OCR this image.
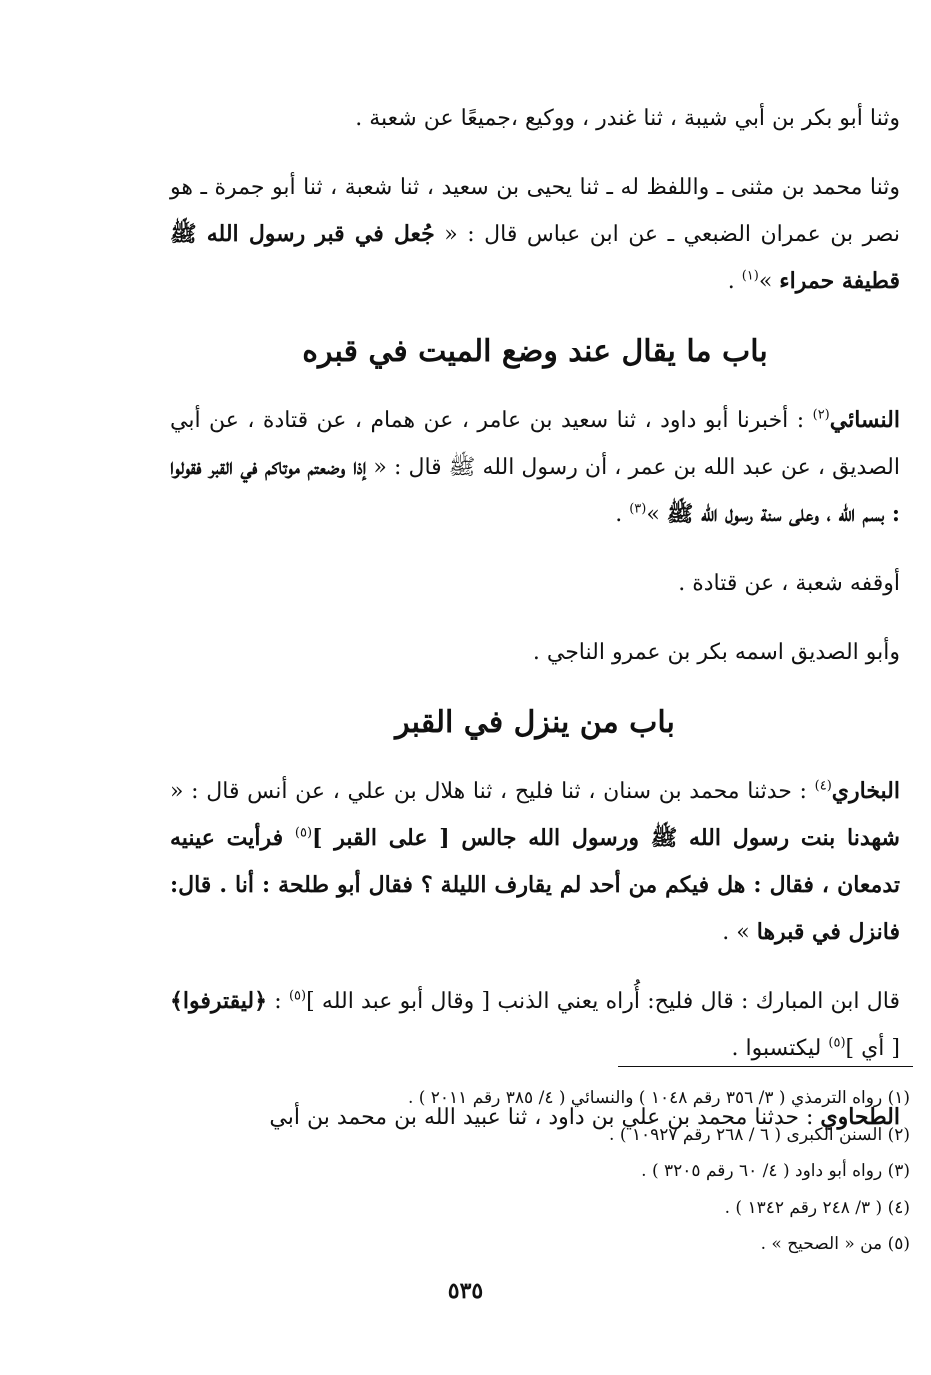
وثنا أبو بكر بن أبي شيبة ، ثنا غندر ، ووكيع ،جميعًا عن شعبة .

وثنا محمد بن مثنى ـ واللفظ له ـ ثنا يحيى بن سعيد ، ثنا شعبة ، ثنا أبو جمرة ـ هو نصر بن عمران الضبعي ـ عن ابن عباس قال : « جُعل في قبر رسول الله ﷺ قطيفة حمراء »$^{(١)}$ .

باب ما يقال عند وضع الميت في قبره

النسائي$^{(٢)}$ : أخبرنا أبو داود ، ثنا سعيد بن عامر ، عن همام ، عن قتادة ، عن أبي الصديق ، عن عبد الله بن عمر ، أن رسول الله ﷺ قال : « إذا وضعتم موتاكم في القبر فقولوا : بسم الله ، وعلى سنة رسول الله ﷺ »$^{(٣)}$ .

أوقفه شعبة ، عن قتادة .

وأبو الصديق اسمه بكر بن عمرو الناجي .

باب من ينزل في القبر

البخاري$^{(٤)}$ : حدثنا محمد بن سنان ، ثنا فليح ، ثنا هلال بن علي ، عن أنس قال : « شهدنا بنت رسول الله ﷺ ورسول الله جالس [ على القبر ]$^{(٥)}$ فرأيت عينيه تدمعان ، فقال : هل فيكم من أحد لم يقارف الليلة ؟ فقال أبو طلحة : أنا . قال: فانزل في قبرها » .

قال ابن المبارك : قال فليح: أُراه يعني الذنب [ وقال أبو عبد الله ]$^{(٥)}$ : ﴿ليقترفوا﴾ [ أي ]$^{(٥)}$ ليكتسبوا .

الطحاوي : حدثنا محمد بن علي بن داود ، ثنا عبيد الله بن محمد بن أبي

(١) رواه الترمذي ( ٣/ ٣٥٦ رقم ١٠٤٨ ) والنسائي ( ٤/ ٣٨٥ رقم ٢٠١١ ) .
(٢) السنن الكبرى ( ٦ / ٢٦٨ رقم ١٠٩٢٧ ) .
(٣) رواه أبو داود ( ٤/ ٦٠ رقم ٣٢٠٥ ) .
(٤) ( ٣/ ٢٤٨ رقم ١٣٤٢ ) .
(٥) من « الصحيح » .
٥٣٥
